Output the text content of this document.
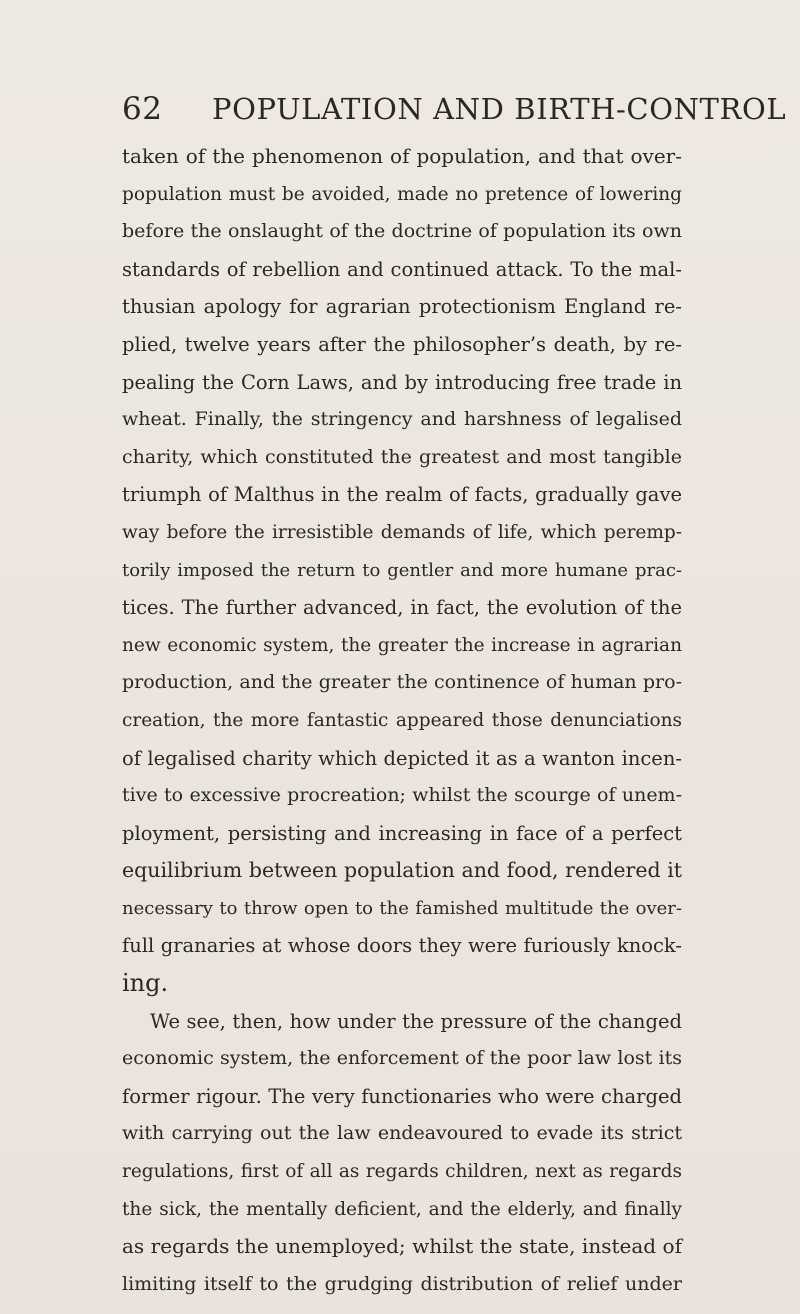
62 POPULATION AND BIRTH-CONTROL
taken of the phenomenon of population, and that over-
population must be avoided, made no pretence of lowering
before the onslaught of the doctrine of population its own
standards of rebellion and continued attack. To the mal-
thusian apology for agrarian protectionism England re-
plied, twelve years after the philosopher’s death, by re-
pealing the Corn Laws, and by introducing free trade in
wheat. Finally, the stringency and harshness of legalised
charity, which constituted the greatest and most tangible
triumph of Malthus in the realm of facts, gradually gave
way before the irresistible demands of life, which peremp-
torily imposed the return to gentler and more humane prac-
tices. The further advanced, in fact, the evolution of the
new economic system, the greater the increase in agrarian
production, and the greater the continence of human pro-
creation, the more fantastic appeared those denunciations
of legalised charity which depicted it as a wanton incen-
tive to excessive procreation; whilst the scourge of unem-
ployment, persisting and increasing in face of a perfect
equilibrium between population and food, rendered it
necessary to throw open to the famished multitude the over-
full granaries at whose doors they were furiously knock-
ing.
We see, then, how under the pressure of the changed
economic system, the enforcement of the poor law lost its
former rigour. The very functionaries who were charged
with carrying out the law endeavoured to evade its strict
regulations, first of all as regards children, next as regards
the sick, the mentally deficient, and the elderly, and finally
as regards the unemployed; whilst the state, instead of
limiting itself to the grudging distribution of relief under
